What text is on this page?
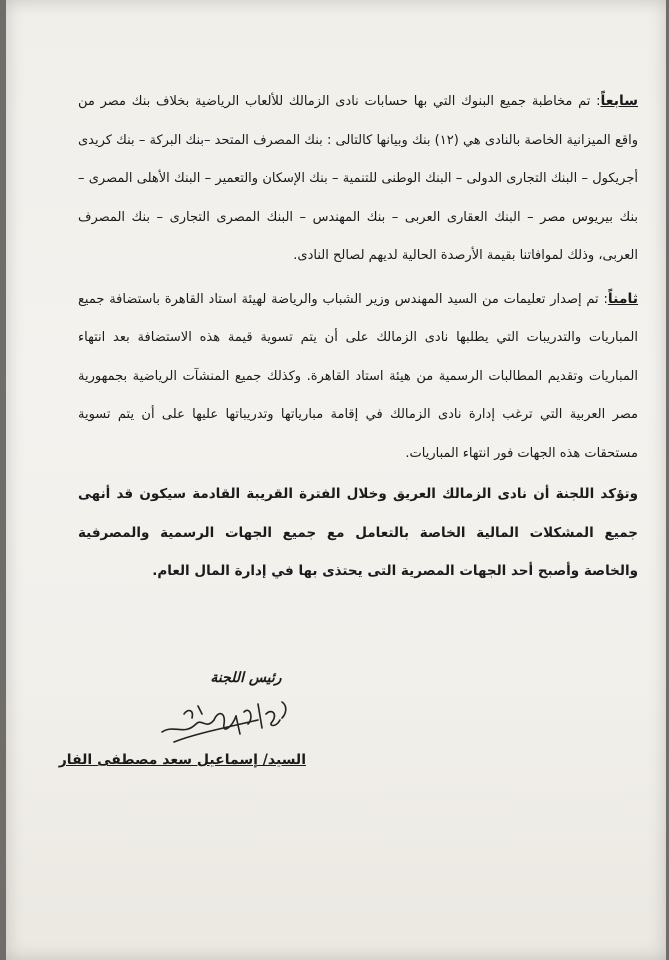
سابعاً: تم مخاطبة جميع البنوك التي بها حسابات نادى الزمالك للألعاب الرياضية بخلاف بنك مصر من واقع الميزانية الخاصة بالنادى هي (١٢) بنك وبيانها كالتالى : بنك المصرف المتحد –بنك البركة – بنك كريدى أجريكول – البنك التجارى الدولى – البنك الوطنى للتنمية – بنك الإسكان والتعمير – البنك الأهلى المصرى – بنك بيريوس مصر – البنك العقارى العربى – بنك المهندس – البنك المصرى التجارى – بنك المصرف العربى، وذلك لموافاتنا بقيمة الأرصدة الحالية لديهم لصالح النادى.

ثامناً: تم إصدار تعليمات من السيد المهندس وزير الشباب والرياضة لهيئة استاد القاهرة باستضافة جميع المباريات والتدريبات التي يطلبها نادى الزمالك على أن يتم تسوية قيمة هذه الاستضافة بعد انتهاء المباريات وتقديم المطالبات الرسمية من هيئة استاد القاهرة. وكذلك جميع المنشآت الرياضية بجمهورية مصر العربية التي ترغب إدارة نادى الزمالك في إقامة مبارياتها وتدريباتها عليها على أن يتم تسوية مستحقات هذه الجهات فور انتهاء المباريات.

وتؤكد اللجنة أن نادى الزمالك العريق وخلال الفترة القريبة القادمة سيكون قد أنهى جميع المشكلات المالية الخاصة بالتعامل مع جميع الجهات الرسمية والمصرفية والخاصة وأصبح أحد الجهات المصرية التى يحتذى بها في إدارة المال العام.

رئيس اللجنة
السيد/ إسماعيل سعد مصطفى الفار
